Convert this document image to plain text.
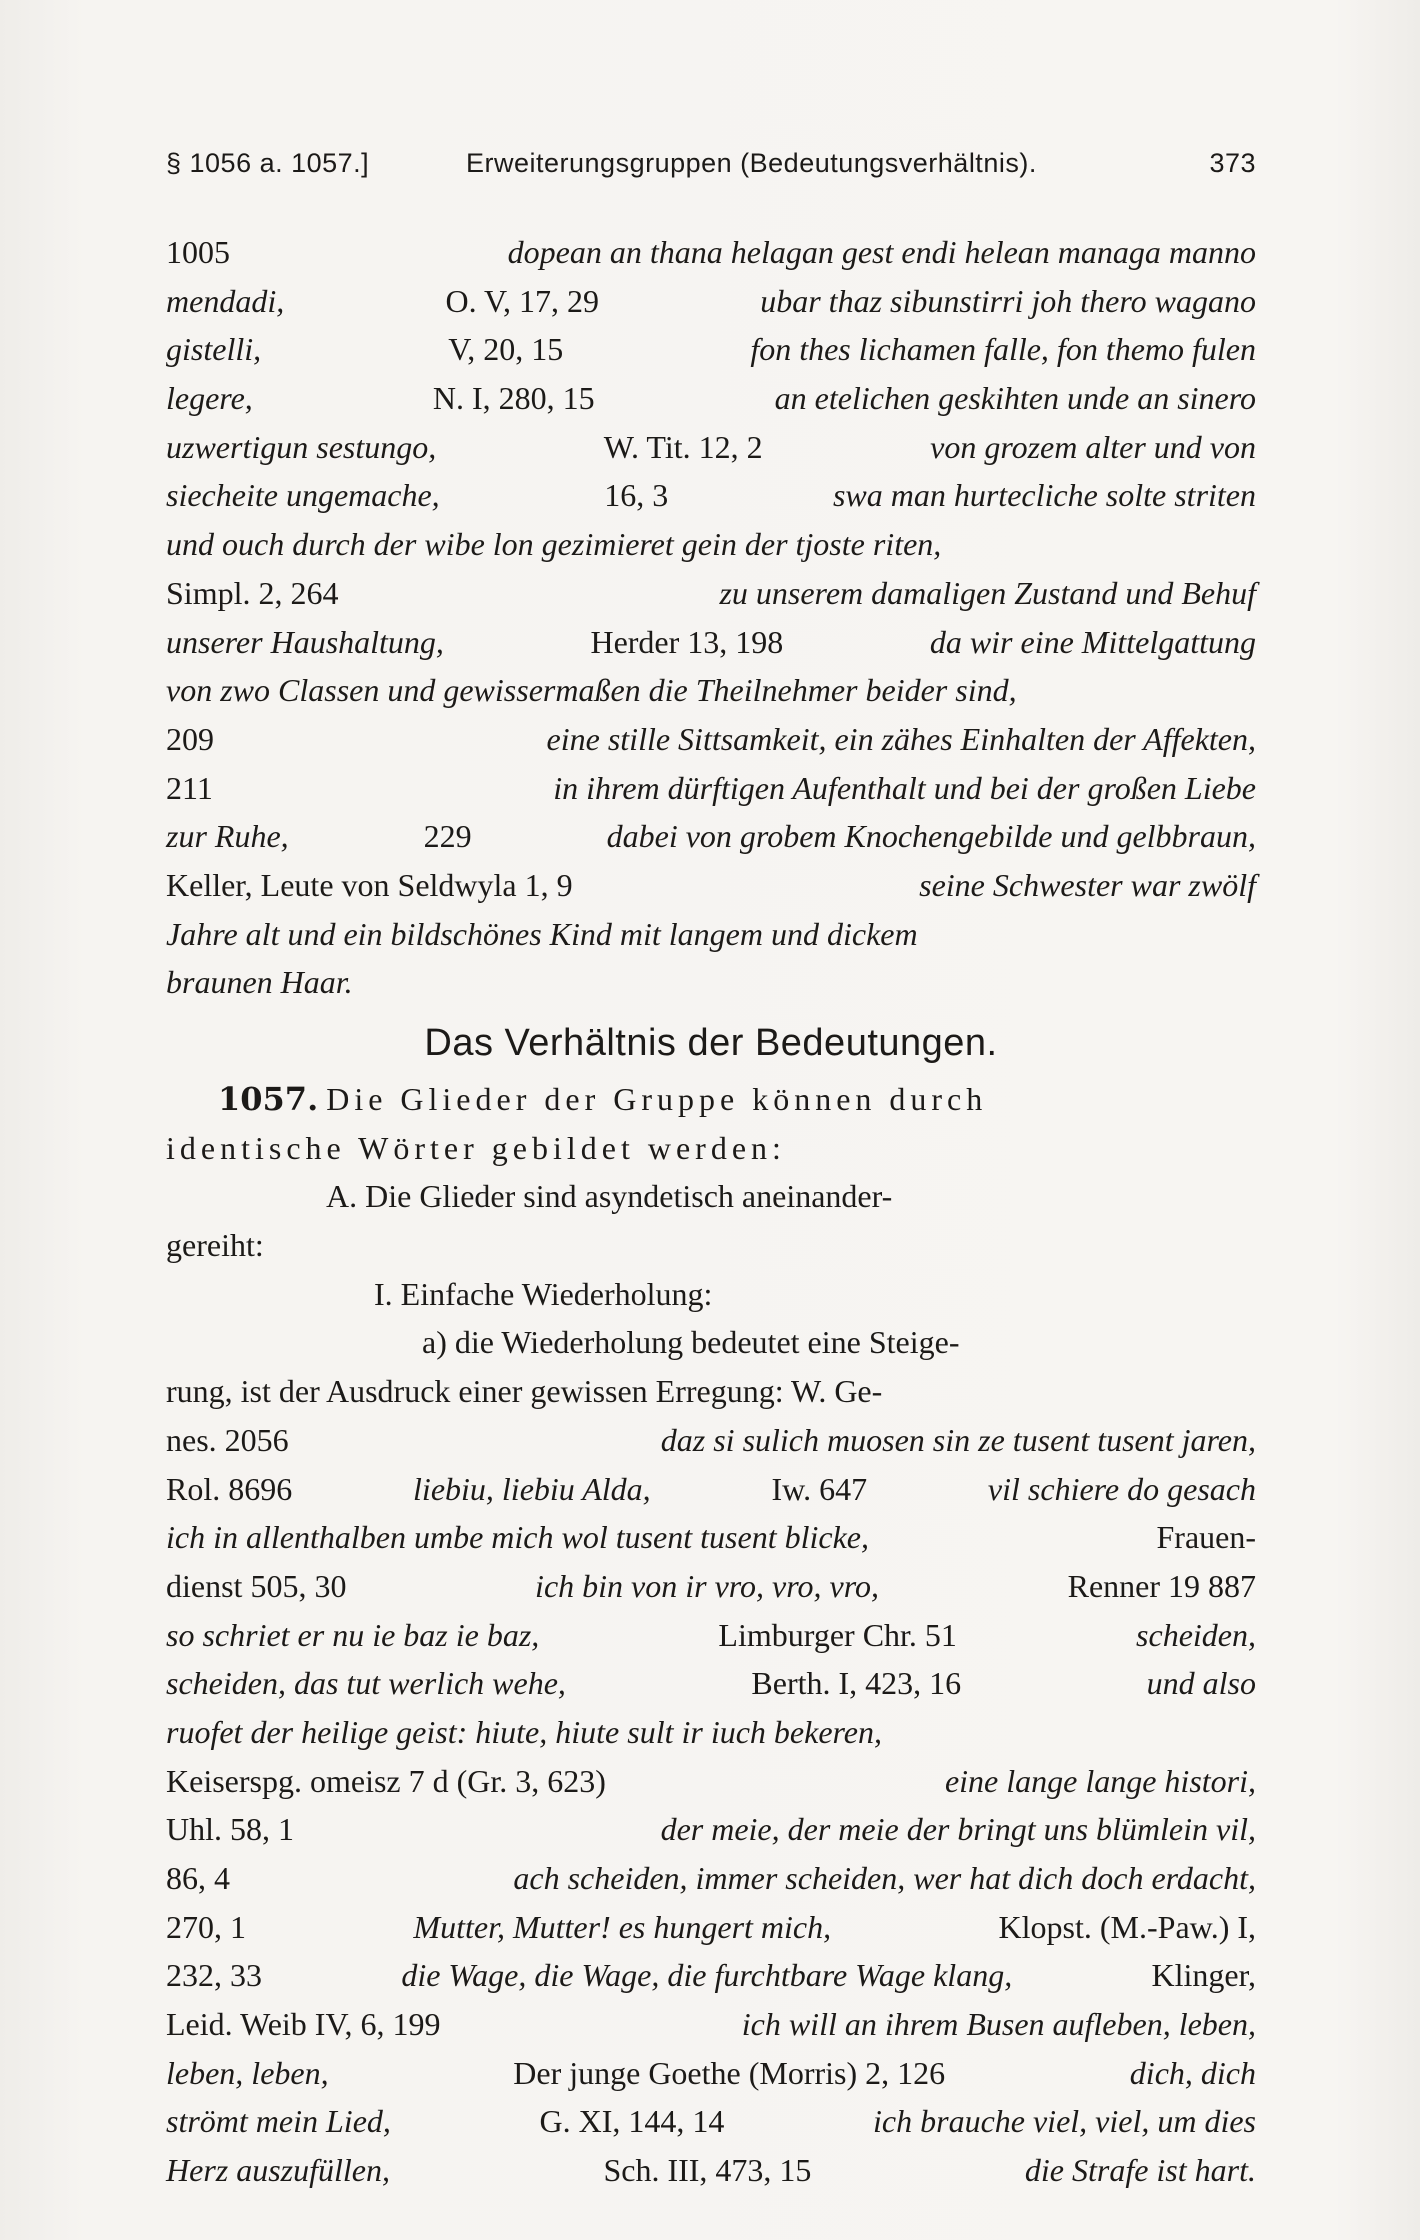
§ 1056 a. 1057.]	Erweiterungsgruppen (Bedeutungsverhältnis).	373
1005	dopean an thana helagan gest endi helean managa manno
mendadi,	O. V, 17, 29	ubar thaz sibunstirri joh thero wagano
gistelli,	V, 20, 15	fon thes lichamen falle, fon themo fulen
legere,	N. I, 280, 15	an etelichen geskihten unde an sinero
uzwertigun sestungo,	W. Tit. 12, 2	von grozem alter und von
siecheite ungemache,	16, 3	swa man hurtecliche solte striten
und ouch durch der wibe lon gezimieret gein der tjoste riten,
Simpl. 2, 264	zu unserem damaligen Zustand und Behuf
unserer Haushaltung,	Herder 13, 198	da wir eine Mittelgattung
von zwo Classen und gewissermaßen die Theilnehmer beider sind,
209	eine stille Sittsamkeit, ein zähes Einhalten der Affekten,
211	in ihrem dürftigen Aufenthalt und bei der großen Liebe
zur Ruhe,	229	dabei von grobem Knochengebilde und gelbbraun,
Keller, Leute von Seldwyla 1, 9	seine Schwester war zwölf
Jahre alt und ein bildschönes Kind mit langem und dickem
braunen Haar.
Das Verhältnis der Bedeutungen.
1057. Die Glieder der Gruppe können durch
identische Wörter gebildet werden:
A. Die Glieder sind asyndetisch aneinander-
gereiht:
I. Einfache Wiederholung:
a) die Wiederholung bedeutet eine Steige-
rung, ist der Ausdruck einer gewissen Erregung: W. Ge-
nes. 2056	daz si sulich muosen sin ze tusent tusent jaren,
Rol. 8696	liebiu, liebiu Alda,	Iw. 647	vil schiere do gesach
ich in allenthalben umbe mich wol tusent tusent blicke,	Frauen-
dienst 505, 30	ich bin von ir vro, vro, vro,	Renner 19 887
so schriet er nu ie baz ie baz,	Limburger Chr. 51	scheiden,
scheiden, das tut werlich wehe,	Berth. I, 423, 16	und also
ruofet der heilige geist: hiute, hiute sult ir iuch bekeren,
Keiserspg. omeisz 7 d (Gr. 3, 623)	eine lange lange histori,
Uhl. 58, 1	der meie, der meie der bringt uns blümlein vil,
86, 4	ach scheiden, immer scheiden, wer hat dich doch erdacht,
270, 1	Mutter, Mutter! es hungert mich,	Klopst. (M.-Paw.) I,
232, 33	die Wage, die Wage, die furchtbare Wage klang,	Klinger,
Leid. Weib IV, 6, 199	ich will an ihrem Busen aufleben, leben,
leben, leben,	Der junge Goethe (Morris) 2, 126	dich, dich
strömt mein Lied,	G. XI, 144, 14	ich brauche viel, viel, um dies
Herz auszufüllen,	Sch. III, 473, 15	die Strafe ist hart.
